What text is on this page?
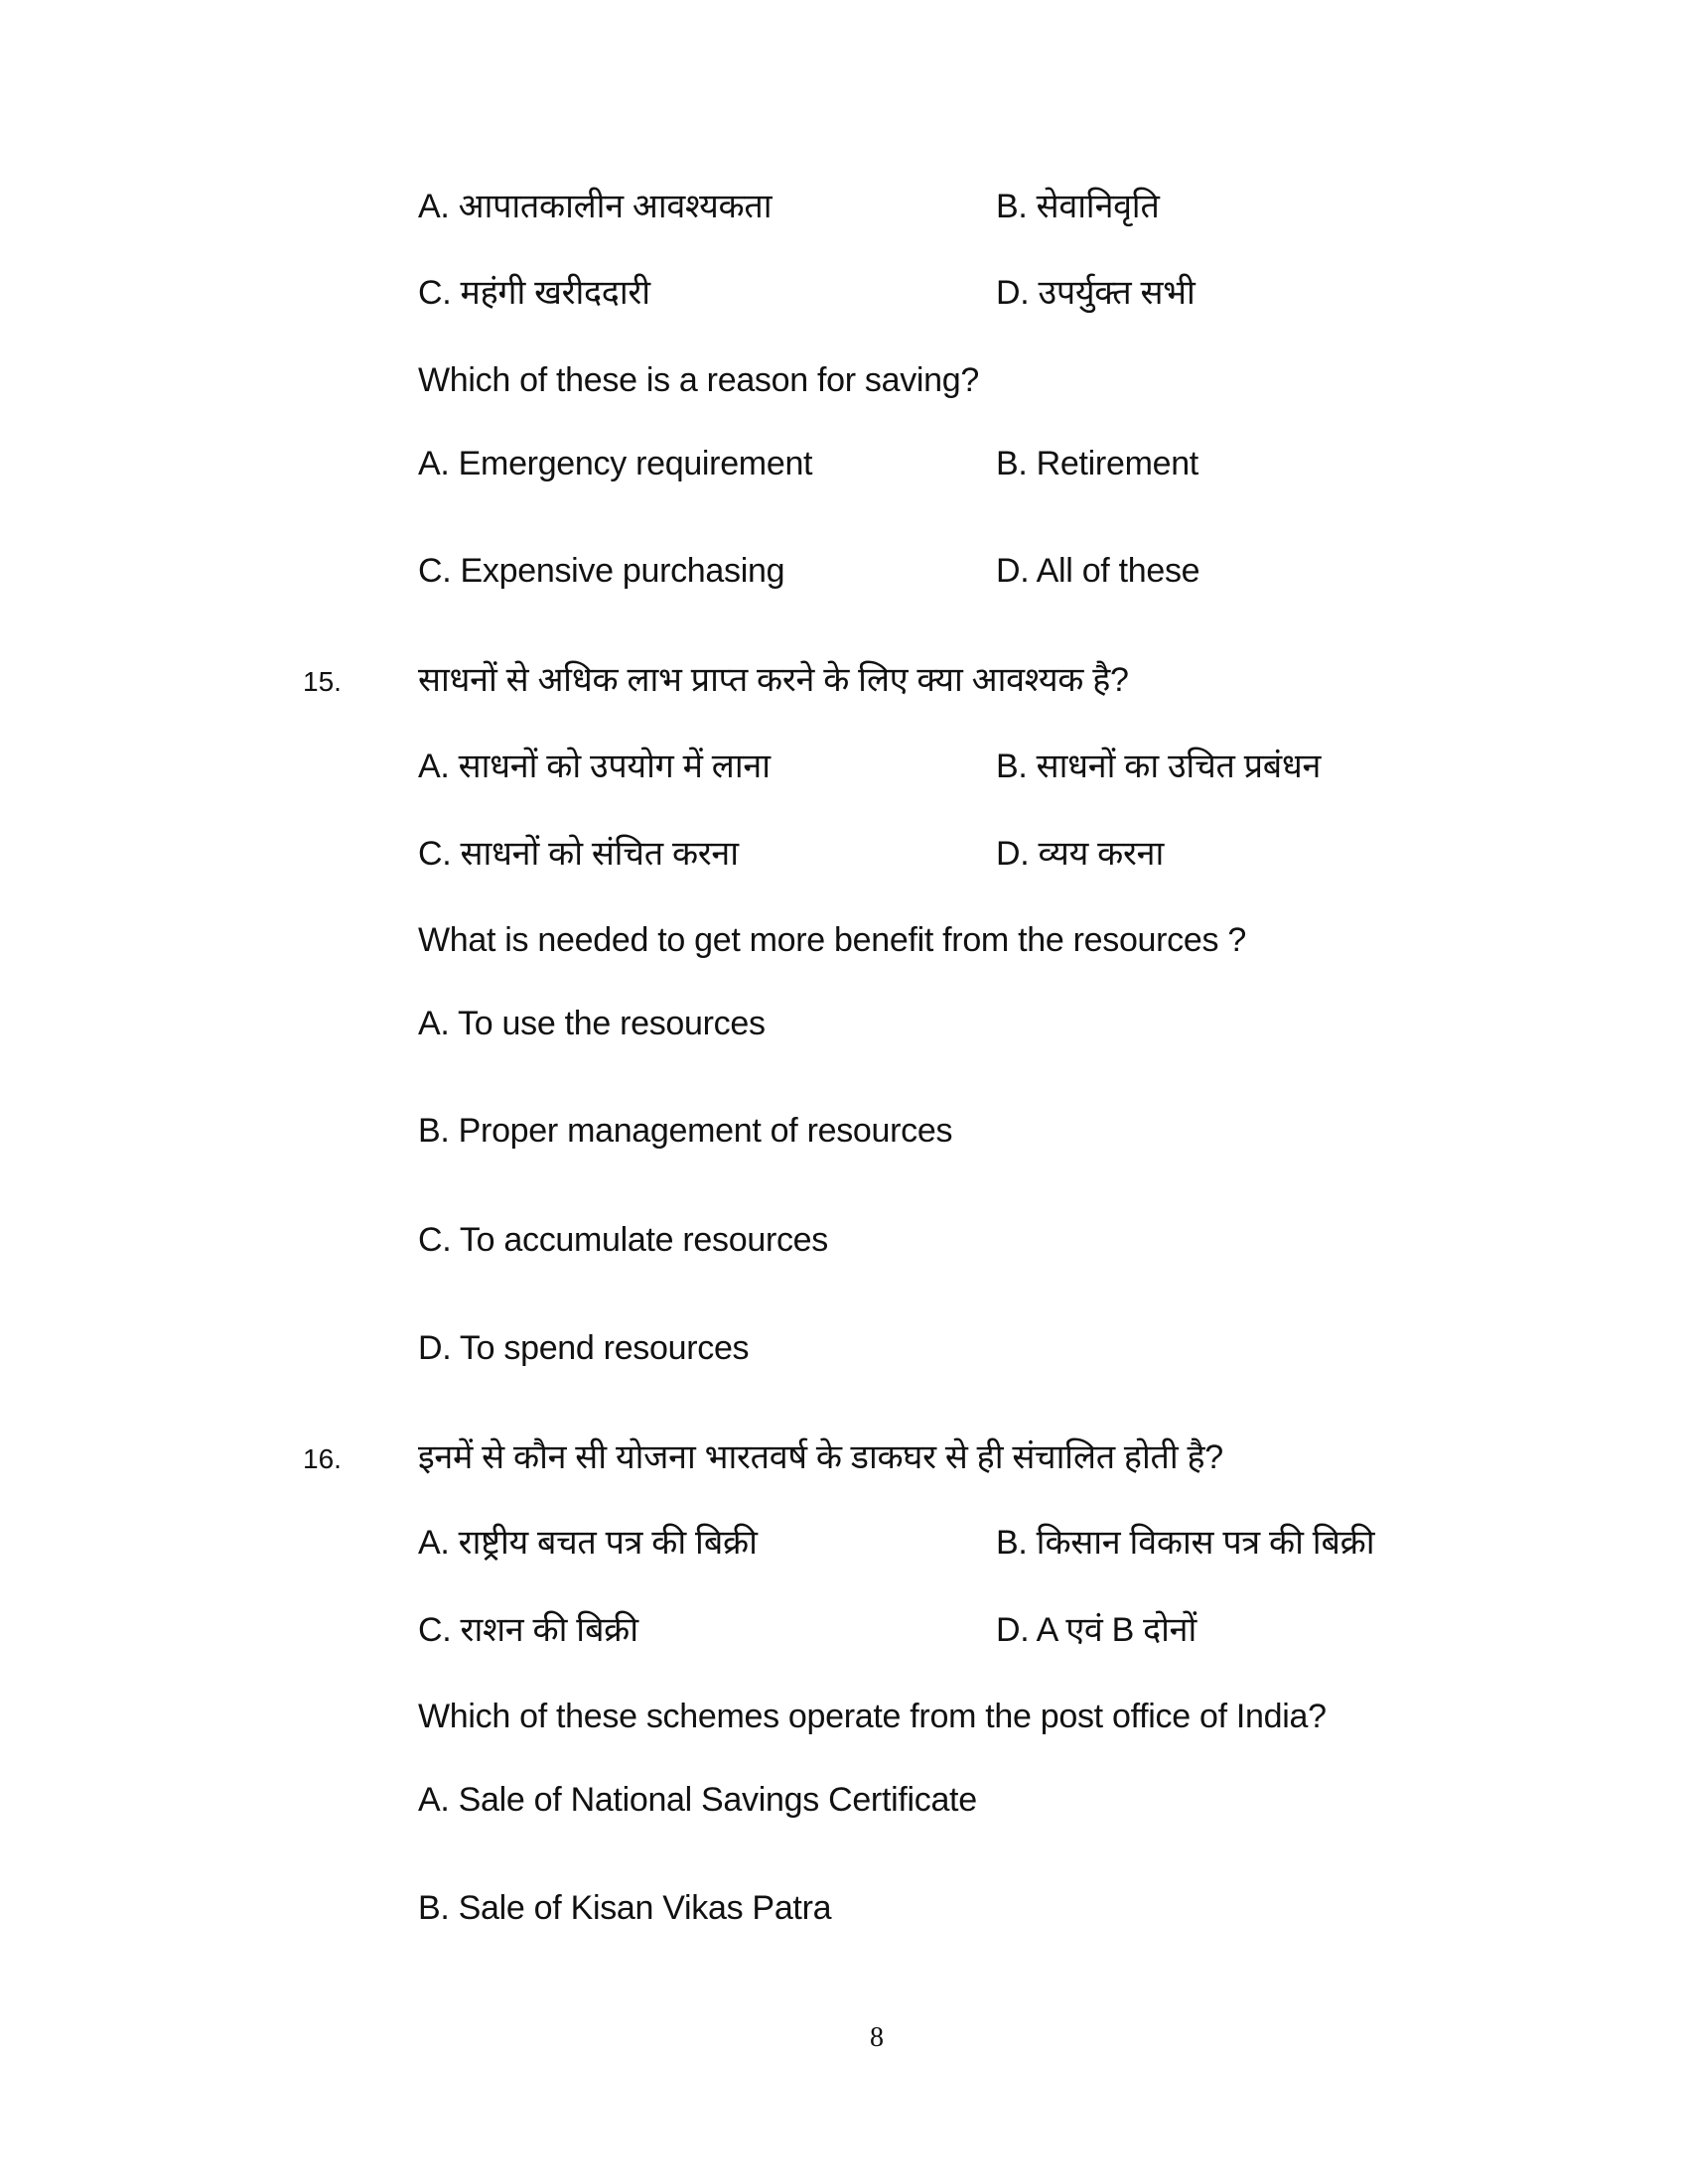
A. आपातकालीन आवश्यकता	B. सेवानिवृति
C. महंगी खरीददारी	D. उपर्युक्त सभी
Which of these is a reason for saving?
A. Emergency requirement	B. Retirement
C. Expensive purchasing	D. All of these
15. साधनों से अधिक लाभ प्राप्त करने के लिए क्या आवश्यक है?
A. साधनों को उपयोग में लाना	B. साधनों का उचित प्रबंधन
C. साधनों को संचित करना	D. व्यय करना
What is needed to get more benefit from the resources ?
A. To use the resources
B. Proper management of resources
C. To accumulate resources
D. To spend resources
16. इनमें से कौन सी योजना भारतवर्ष के डाकघर से ही संचालित होती है?
A. राष्ट्रीय बचत पत्र की बिक्री	B. किसान विकास पत्र की बिक्री
C. राशन की बिक्री	D. A एवं B दोनों
Which of these schemes operate from the post office of India?
A. Sale of National Savings Certificate
B. Sale of Kisan Vikas Patra
8
